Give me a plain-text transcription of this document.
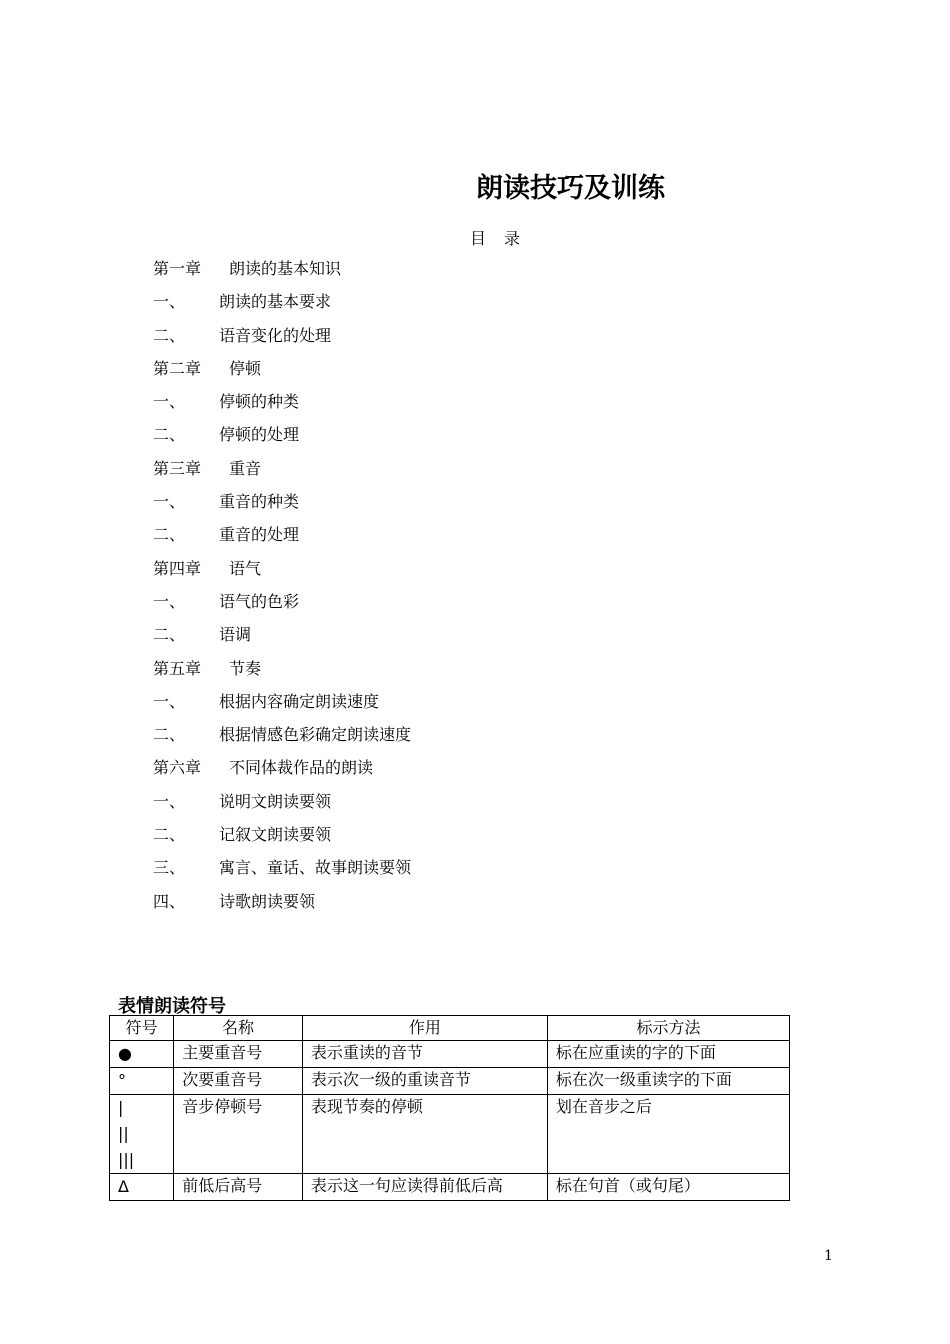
朗读技巧及训练
目录
第一章 朗读的基本知识
一、 朗读的基本要求
二、 语音变化的处理
第二章 停顿
一、 停顿的种类
二、 停顿的处理
第三章 重音
一、 重音的种类
二、 重音的处理
第四章 语气
一、 语气的色彩
二、 语调
第五章 节奏
一、 根据内容确定朗读速度
二、 根据情感色彩确定朗读速度
第六章 不同体裁作品的朗读
一、 说明文朗读要领
二、 记叙文朗读要领
三、 寓言、童话、故事朗读要领
四、 诗歌朗读要领
表情朗读符号
符号	名称	作用	标示方法

●	主要重音号	表示重读的音节	标在应重读的字的下面

°	次要重音号	表示次一级的重读音节	标在次一级重读字的下面

|
||
|||	音步停顿号	表现节奏的停顿	划在音步之后

Δ	前低后高号	表示这一句应读得前低后高	标在句首（或句尾）
1
